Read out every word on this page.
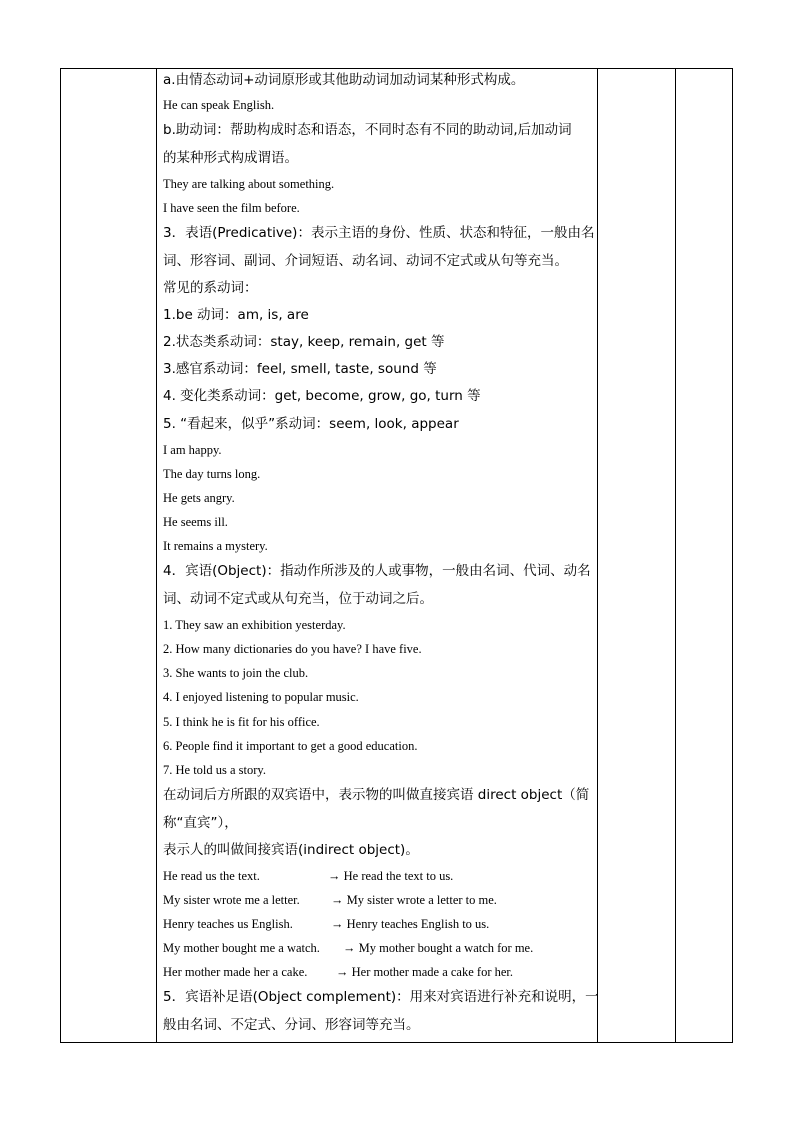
a.由情态动词+动词原形或其他助动词加动词某种形式构成。
He can speak English.
b.助动词：帮助构成时态和语态，不同时态有不同的助动词,后加动词
的某种形式构成谓语。
They are talking about something.
I have seen the film before.
3．表语(Predicative)：表示主语的身份、性质、状态和特征，一般由名
词、形容词、副词、介词短语、动名词、动词不定式或从句等充当。
常见的系动词：
1.be 动词：am, is, are
2.状态类系动词：stay, keep, remain, get 等
3.感官系动词：feel, smell, taste, sound 等
4. 变化类系动词：get, become, grow, go, turn 等
5. “看起来，似乎”系动词：seem, look, appear
I am happy.
The day turns long.
He gets angry.
He seems ill.
It remains a mystery.
4．宾语(Object)：指动作所涉及的人或事物，一般由名词、代词、动名
词、动词不定式或从句充当，位于动词之后。
1. They saw an exhibition yesterday.
2. How many dictionaries do you have? I have five.
3. She wants to join the club.
4. I enjoyed listening to popular music.
5. I think he is fit for his office.
6. People find it important to get a good education.
7. He told us a story.
在动词后方所跟的双宾语中，表示物的叫做直接宾语 direct object（简
称“直宾”），
表示人的叫做间接宾语(indirect object)。
He read us the text.	→ He read the text to us.
My sister wrote me a letter. → My sister wrote a letter to me.
Henry teaches us English.	→ Henry teaches English to us.
My mother bought me a watch. → My mother bought a watch for me.
Her mother made her a cake. → Her mother made a cake for her.
5．宾语补足语(Object complement)：用来对宾语进行补充和说明，一
般由名词、不定式、分词、形容词等充当。
